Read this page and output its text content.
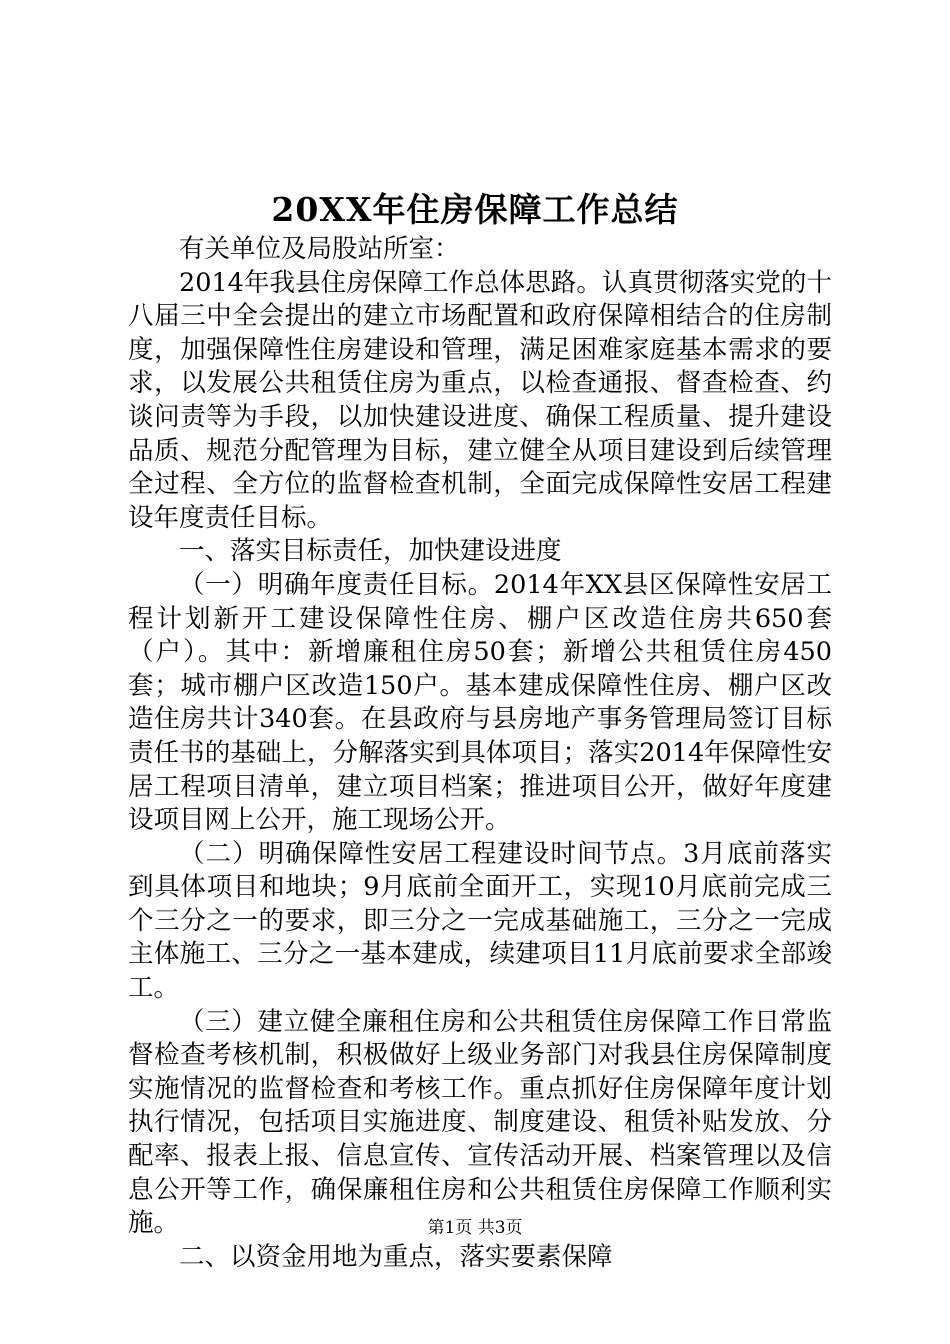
20XX年住房保障工作总结

有关单位及局股站所室：

2014年我县住房保障工作总体思路。认真贯彻落实党的十八届三中全会提出的建立市场配置和政府保障相结合的住房制度，加强保障性住房建设和管理，满足困难家庭基本需求的要求，以发展公共租赁住房为重点，以检查通报、督查检查、约谈问责等为手段，以加快建设进度、确保工程质量、提升建设品质、规范分配管理为目标，建立健全从项目建设到后续管理全过程、全方位的监督检查机制，全面完成保障性安居工程建设年度责任目标。

一、落实目标责任，加快建设进度

（一）明确年度责任目标。2014年XX县区保障性安居工程计划新开工建设保障性住房、棚户区改造住房共650套（户）。其中：新增廉租住房50套；新增公共租赁住房450套；城市棚户区改造150户。基本建成保障性住房、棚户区改造住房共计340套。在县政府与县房地产事务管理局签订目标责任书的基础上，分解落实到具体项目；落实2014年保障性安居工程项目清单，建立项目档案；推进项目公开，做好年度建设项目网上公开，施工现场公开。

（二）明确保障性安居工程建设时间节点。3月底前落实到具体项目和地块；9月底前全面开工，实现10月底前完成三个三分之一的要求，即三分之一完成基础施工，三分之一完成主体施工、三分之一基本建成，续建项目11月底前要求全部竣工。

（三）建立健全廉租住房和公共租赁住房保障工作日常监督检查考核机制，积极做好上级业务部门对我县住房保障制度实施情况的监督检查和考核工作。重点抓好住房保障年度计划执行情况，包括项目实施进度、制度建设、租赁补贴发放、分配率、报表上报、信息宣传、宣传活动开展、档案管理以及信息公开等工作，确保廉租住房和公共租赁住房保障工作顺利实施。

二、以资金用地为重点，落实要素保障

第1页 共3页
